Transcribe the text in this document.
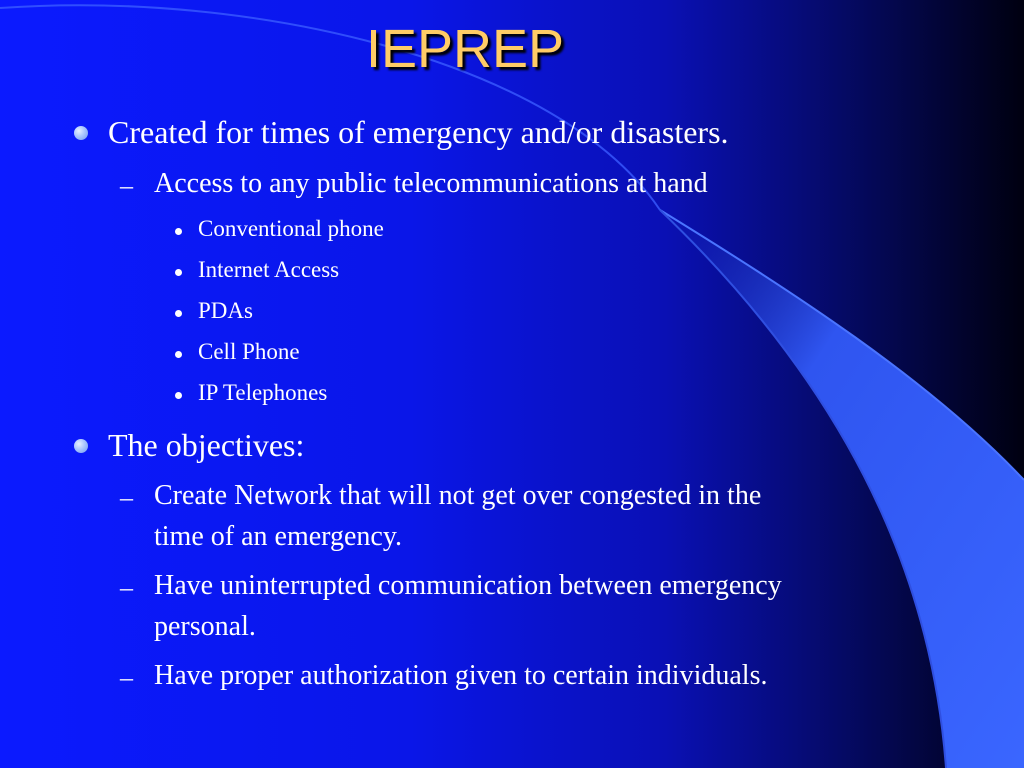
IEPREP

Created for times of emergency and/or disasters.

– Access to any public telecommunications at hand

Conventional phone

Internet Access

PDAs

Cell Phone

IP Telephones

The objectives:

– Create Network that will not get over congested in the

time of an emergency.

– Have uninterrupted communication between emergency

personal.

– Have proper authorization given to certain individuals.
